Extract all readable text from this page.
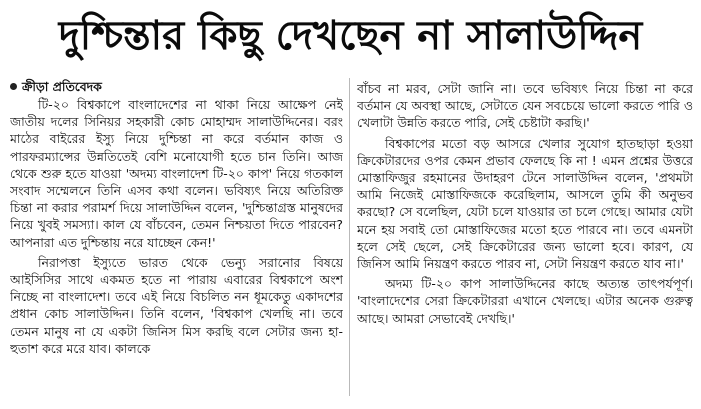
দুশ্চিন্তার কিছু দেখছেন না সালাউদ্দিন
ক্রীড়া প্রতিবেদক

টি-২০ বিশ্বকাপে বাংলাদেশের না থাকা নিয়ে আক্ষেপ নেই জাতীয় দলের সিনিয়র সহকারী কোচ মোহাম্মদ সালাউদ্দিনের। বরং মাঠের বাইরের ইস্যু নিয়ে দুশ্চিন্তা না করে বর্তমান কাজ ও পারফরম্যান্সের উন্নতিতেই বেশি মনোযোগী হতে চান তিনি। আজ থেকে শুরু হতে যাওয়া 'অদম্য বাংলাদেশ টি-২০ কাপ' নিয়ে গতকাল সংবাদ সম্মেলনে তিনি এসব কথা বলেন। ভবিষ্যৎ নিয়ে অতিরিক্ত চিন্তা না করার পরামর্শ দিয়ে সালাউদ্দিন বলেন, 'দুশ্চিন্তাগ্রস্ত মানুষদের নিয়ে খুবই সমস্যা। কাল যে বাঁচবেন, তেমন নিশ্চয়তা দিতে পারবেন? আপনারা এত দুশ্চিন্তায় নরে যাচ্ছেন কেন!'

নিরাপত্তা ইস্যুতে ভারত থেকে ভেন্যু সরানোর বিষয়ে আইসিসির সাথে একমত হতে না পারায় এবারের বিশ্বকাপে অংশ নিচ্ছে না বাংলাদেশ। তবে এই নিয়ে বিচলিত নন ধূমকেতু একাদশের প্রধান কোচ সালাউদ্দিন। তিনি বলেন, 'বিশ্বকাপ খেলছি না। তবে তেমন মানুষ না যে একটা জিনিস মিস করছি বলে সেটার জন্য হা-হুতাশ করে মরে যাব। কালকে

বাঁচব না মরব, সেটা জানি না। তবে ভবিষ্যৎ নিয়ে চিন্তা না করে বর্তমান যে অবস্থা আছে, সেটাতে যেন সবচেয়ে ভালো করতে পারি ও খেলাটা উন্নতি করতে পারি, সেই চেষ্টাটা করছি।'

বিশ্বকাপের মতো বড় আসরে খেলার সুযোগ হাতছাড়া হওয়া ক্রিকেটারদের ওপর কেমন প্রভাব ফেলছে কি না ! এমন প্রশ্নের উত্তরে মোস্তাফিজুর রহমানের উদাহরণ টেনে সালাউদ্দিন বলেন, 'প্রথমটা আমি নিজেই মোস্তাফিজকে করেছিলাম, আসলে তুমি কী অনুভব করছো? সে বলেছিল, যেটা চলে যাওয়ার তা চলে গেছে। আমার যেটা মনে হয় সবাই তো মোস্তাফিজের মতো হতে পারবে না। তবে এমনটা হলে সেই ছেলে, সেই ক্রিকেটারের জন্য ভালো হবে। কারণ, যে জিনিস আমি নিয়ন্ত্রণ করতে পারব না, সেটা নিয়ন্ত্রণ করতে যাব না।'

অদম্য টি-২০ কাপ সালাউদ্দিনের কাছে অত্যন্ত তাৎপর্যপূর্ণ। 'বাংলাদেশের সেরা ক্রিকেটাররা এখানে খেলছে। এটার অনেক গুরুত্ব আছে। আমরা সেভাবেই দেখছি।'
